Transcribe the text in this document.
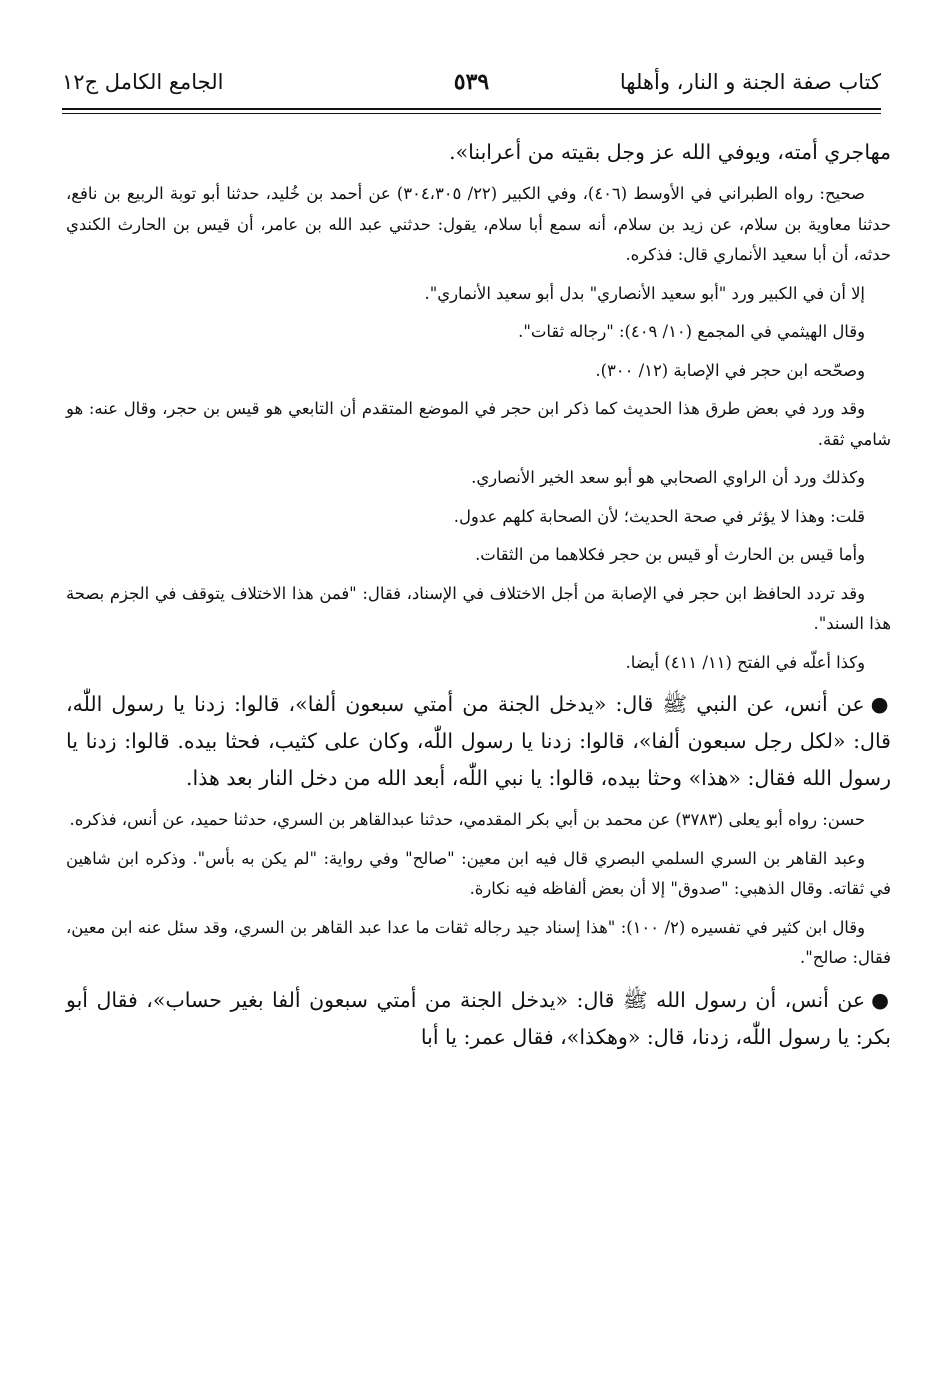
كتاب صفة الجنة و النار، وأهلها
٥٣٩
الجامع الكامل ج١٢

مهاجري أمته، ويوفي الله عز وجل بقيته من أعرابنا».

صحيح: رواه الطبراني في الأوسط (٤٠٦)، وفي الكبير (٢٢/ ٣٠٤،٣٠٥) عن أحمد بن خُليد، حدثنا أبو توبة الربيع بن نافع، حدثنا معاوية بن سلام، عن زيد بن سلام، أنه سمع أبا سلام، يقول: حدثني عبد الله بن عامر، أن قيس بن الحارث الكندي حدثه، أن أبا سعيد الأنماري قال: فذكره.

إلا أن في الكبير ورد "أبو سعيد الأنصاري" بدل أبو سعيد الأنماري".

وقال الهيثمي في المجمع (١٠/ ٤٠٩): "رجاله ثقات".

وصحّحه ابن حجر في الإصابة (١٢/ ٣٠٠).

وقد ورد في بعض طرق هذا الحديث كما ذكر ابن حجر في الموضع المتقدم أن التابعي هو قيس بن حجر، وقال عنه: هو شامي ثقة.

وكذلك ورد أن الراوي الصحابي هو أبو سعد الخير الأنصاري.

قلت: وهذا لا يؤثر في صحة الحديث؛ لأن الصحابة كلهم عدول.

وأما قيس بن الحارث أو قيس بن حجر فكلاهما من الثقات.

وقد تردد الحافظ ابن حجر في الإصابة من أجل الاختلاف في الإسناد، فقال: "فمن هذا الاختلاف يتوقف في الجزم بصحة هذا السند".

وكذا أعلّه في الفتح (١١/ ٤١١) أيضا.

●عن أنس، عن النبي ﷺ قال: «يدخل الجنة من أمتي سبعون ألفا»، قالوا: زدنا يا رسول اللّٰه، قال: «لكل رجل سبعون ألفا»، قالوا: زدنا يا رسول اللّٰه، وكان على كثيب، فحثا بيده. قالوا: زدنا يا رسول الله فقال: «هذا» وحثا بيده، قالوا: يا نبي اللّٰه، أبعد الله من دخل النار بعد هذا.

حسن: رواه أبو يعلى (٣٧٨٣) عن محمد بن أبي بكر المقدمي، حدثنا عبدالقاهر بن السري، حدثنا حميد، عن أنس، فذكره.

وعبد القاهر بن السري السلمي البصري قال فيه ابن معين: "صالح" وفي رواية: "لم يكن به بأس". وذكره ابن شاهين في ثقاته. وقال الذهبي: "صدوق" إلا أن بعض ألفاظه فيه نكارة.

وقال ابن كثير في تفسيره (٢/ ١٠٠): "هذا إسناد جيد رجاله ثقات ما عدا عبد القاهر بن السري، وقد سئل عنه ابن معين، فقال: صالح".

●عن أنس، أن رسول الله ﷺ قال: «يدخل الجنة من أمتي سبعون ألفا بغير حساب»، فقال أبو بكر: يا رسول اللّٰه، زدنا، قال: «وهكذا»، فقال عمر: يا أبا
